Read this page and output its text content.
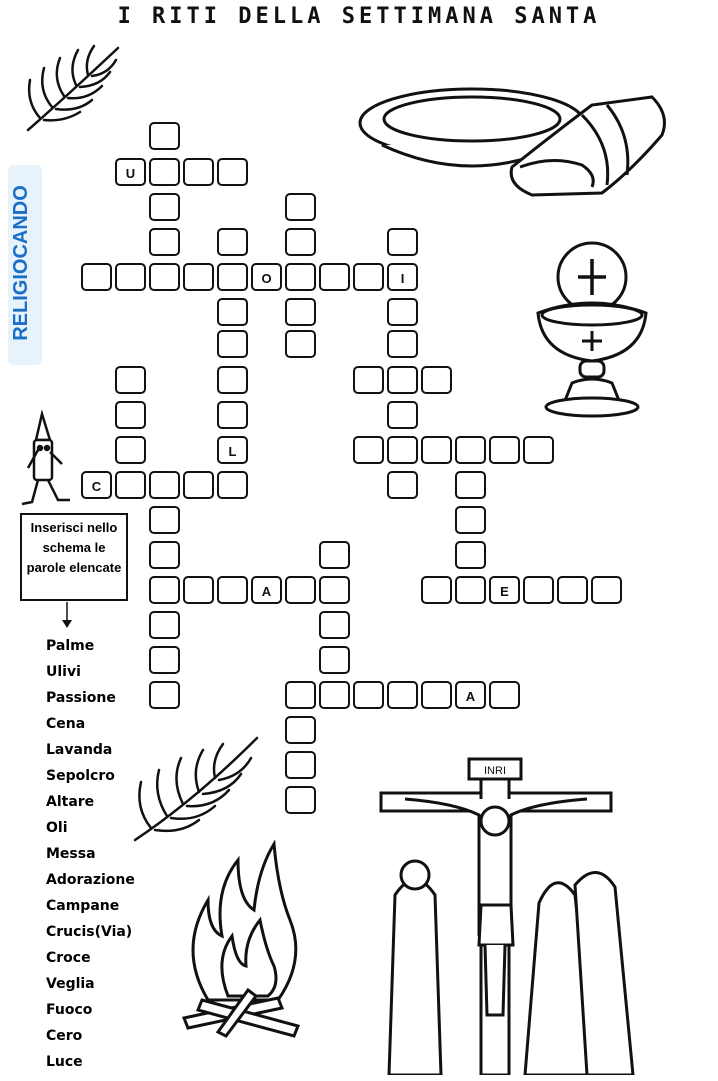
I RITI DELLA SETTIMANA SANTA
RELIGIOCANDO
U
O	I
L
C
A	E
A
Inserisci nello schema le parole elencate
Palme
Ulivi
Passione
Cena
Lavanda
Sepolcro
Altare
Oli
Messa
Adorazione
Campane
Crucis(Via)
Croce
Veglia
Fuoco
Cero
Luce
INRI
